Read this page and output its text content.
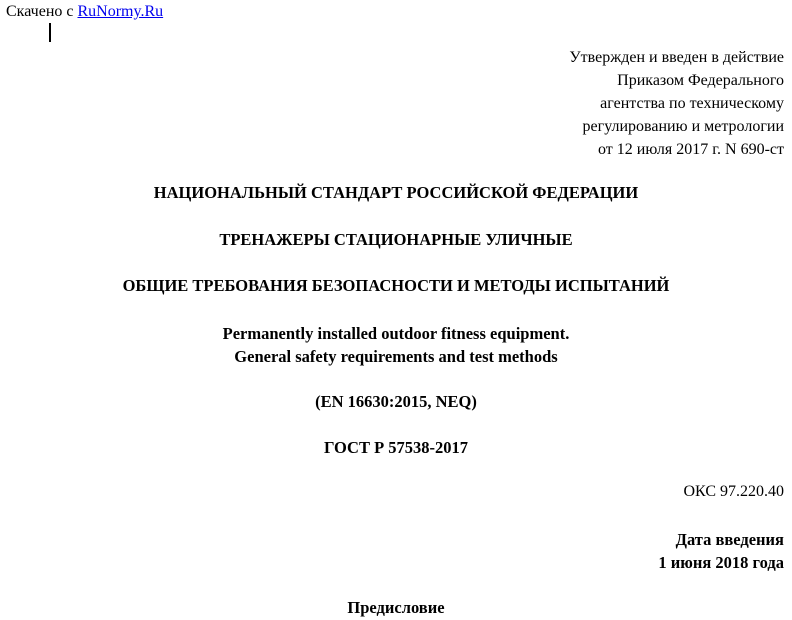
Скачено с RuNormy.Ru
Утвержден и введен в действие
Приказом Федерального
агентства по техническому
регулированию и метрологии
от 12 июля 2017 г. N 690-ст
НАЦИОНАЛЬНЫЙ СТАНДАРТ РОССИЙСКОЙ ФЕДЕРАЦИИ
ТРЕНАЖЕРЫ СТАЦИОНАРНЫЕ УЛИЧНЫЕ
ОБЩИЕ ТРЕБОВАНИЯ БЕЗОПАСНОСТИ И МЕТОДЫ ИСПЫТАНИЙ
Permanently installed outdoor fitness equipment.
General safety requirements and test methods
(EN 16630:2015, NEQ)
ГОСТ Р 57538-2017
ОКС 97.220.40
Дата введения
1 июня 2018 года
Предисловие
